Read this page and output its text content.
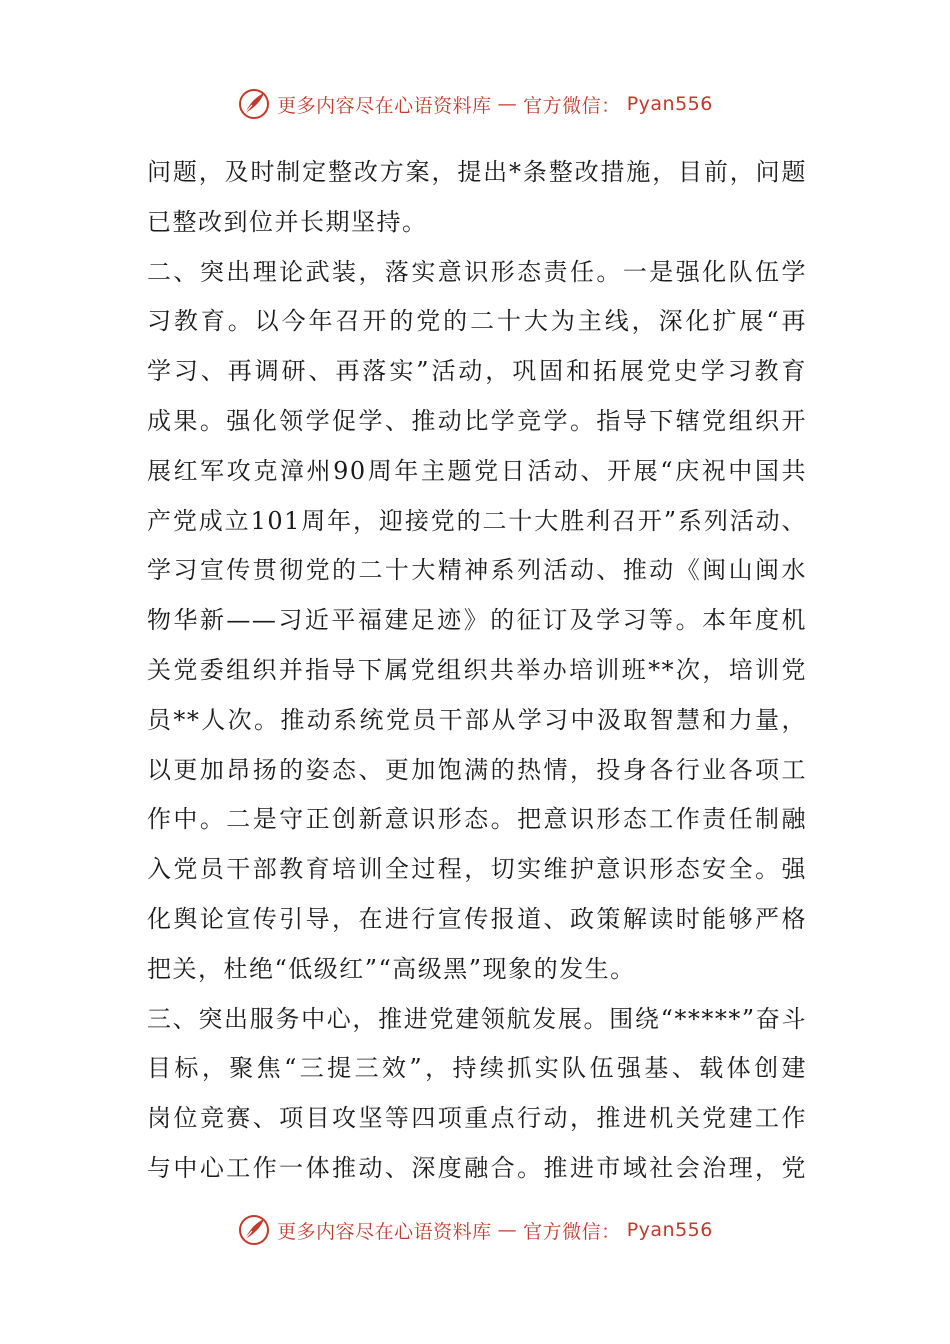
更多内容尽在心语资料库 — 官方微信： Pyan556
问题，及时制定整改方案，提出*条整改措施，目前，问题
已整改到位并长期坚持。
二、突出理论武装，落实意识形态责任。一是强化队伍学
习教育。以今年召开的党的二十大为主线，深化扩展“再
学习、再调研、再落实”活动，巩固和拓展党史学习教育
成果。强化领学促学、推动比学竞学。指导下辖党组织开
展红军攻克漳州90周年主题党日活动、开展“庆祝中国共
产党成立101周年，迎接党的二十大胜利召开”系列活动、
学习宣传贯彻党的二十大精神系列活动、推动《闽山闽水
物华新——习近平福建足迹》的征订及学习等。本年度机
关党委组织并指导下属党组织共举办培训班**次，培训党
员**人次。推动系统党员干部从学习中汲取智慧和力量，
以更加昂扬的姿态、更加饱满的热情，投身各行业各项工
作中。二是守正创新意识形态。把意识形态工作责任制融
入党员干部教育培训全过程，切实维护意识形态安全。强
化舆论宣传引导，在进行宣传报道、政策解读时能够严格
把关，杜绝“低级红”“高级黑”现象的发生。
三、突出服务中心，推进党建领航发展。围绕“*****”奋斗
目标，聚焦“三提三效”，持续抓实队伍强基、载体创建
岗位竞赛、项目攻坚等四项重点行动，推进机关党建工作
与中心工作一体推动、深度融合。推进市域社会治理，党
更多内容尽在心语资料库 — 官方微信： Pyan556
